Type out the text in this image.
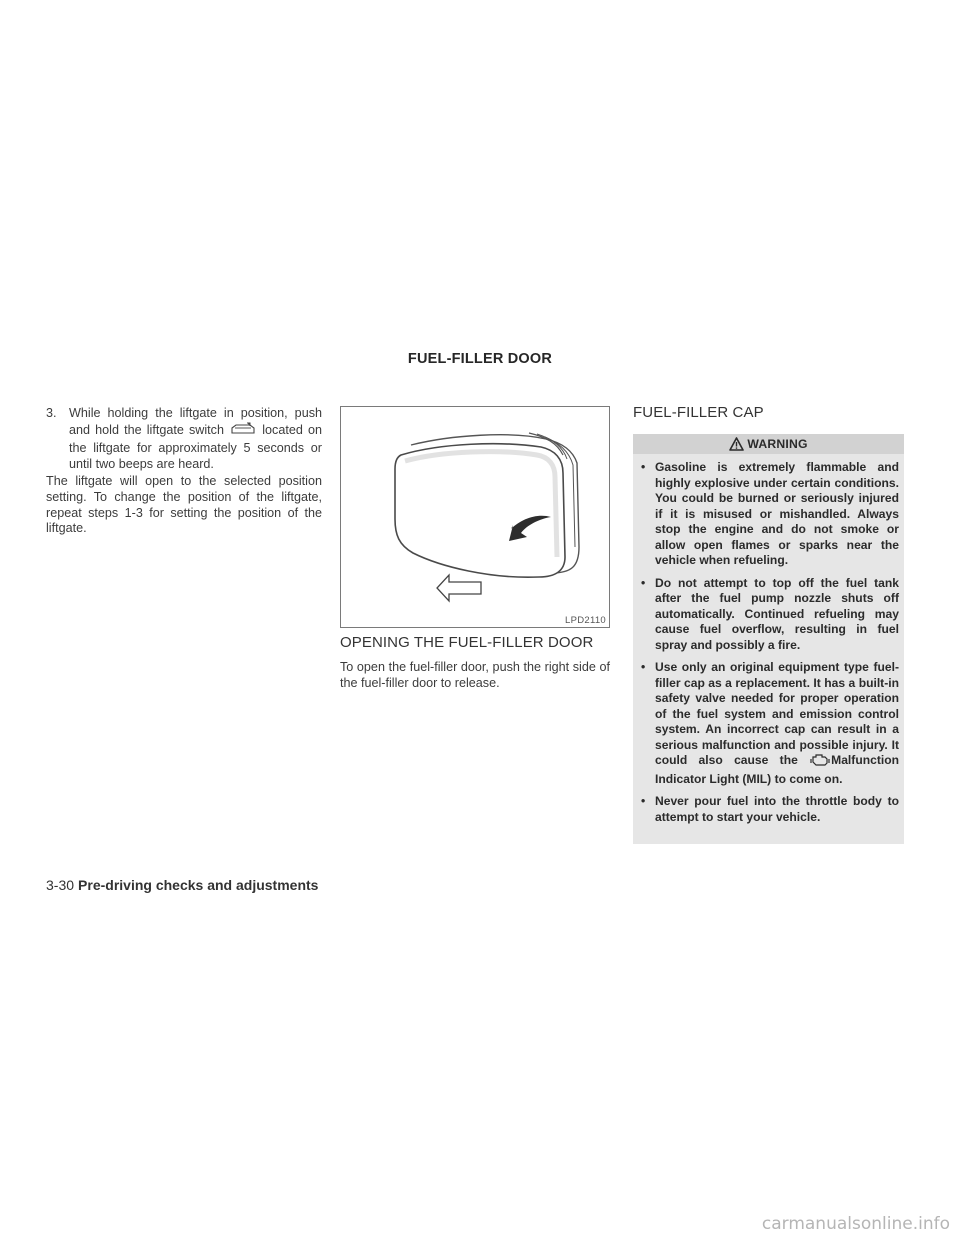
FUEL-FILLER DOOR
3. While holding the liftgate in position, push and hold the liftgate switch	located on the liftgate for approximately 5 seconds or until two beeps are heard.
The liftgate will open to the selected position setting. To change the position of the liftgate, repeat steps 1-3 for setting the position of the liftgate.
LPD2110
OPENING THE FUEL-FILLER DOOR
To open the fuel-filler door, push the right side of the fuel-filler door to release.
FUEL-FILLER CAP
WARNING
• Gasoline is extremely flammable and highly explosive under certain conditions. You could be burned or seriously injured if it is misused or mishandled. Always stop the engine and do not smoke or allow open flames or sparks near the vehicle when refueling.
• Do not attempt to top off the fuel tank after the fuel pump nozzle shuts off automatically. Continued refueling may cause fuel overflow, resulting in fuel spray and possibly a fire.
• Use only an original equipment type fuel-filler cap as a replacement. It has a built-in safety valve needed for proper operation of the fuel system and emission control system. An incorrect cap can result in a serious malfunction and possible injury. It could also cause the	Malfunction Indicator Light (MIL) to come on.
• Never pour fuel into the throttle body to attempt to start your vehicle.
3-30 Pre-driving checks and adjustments
carmanualsonline.info
